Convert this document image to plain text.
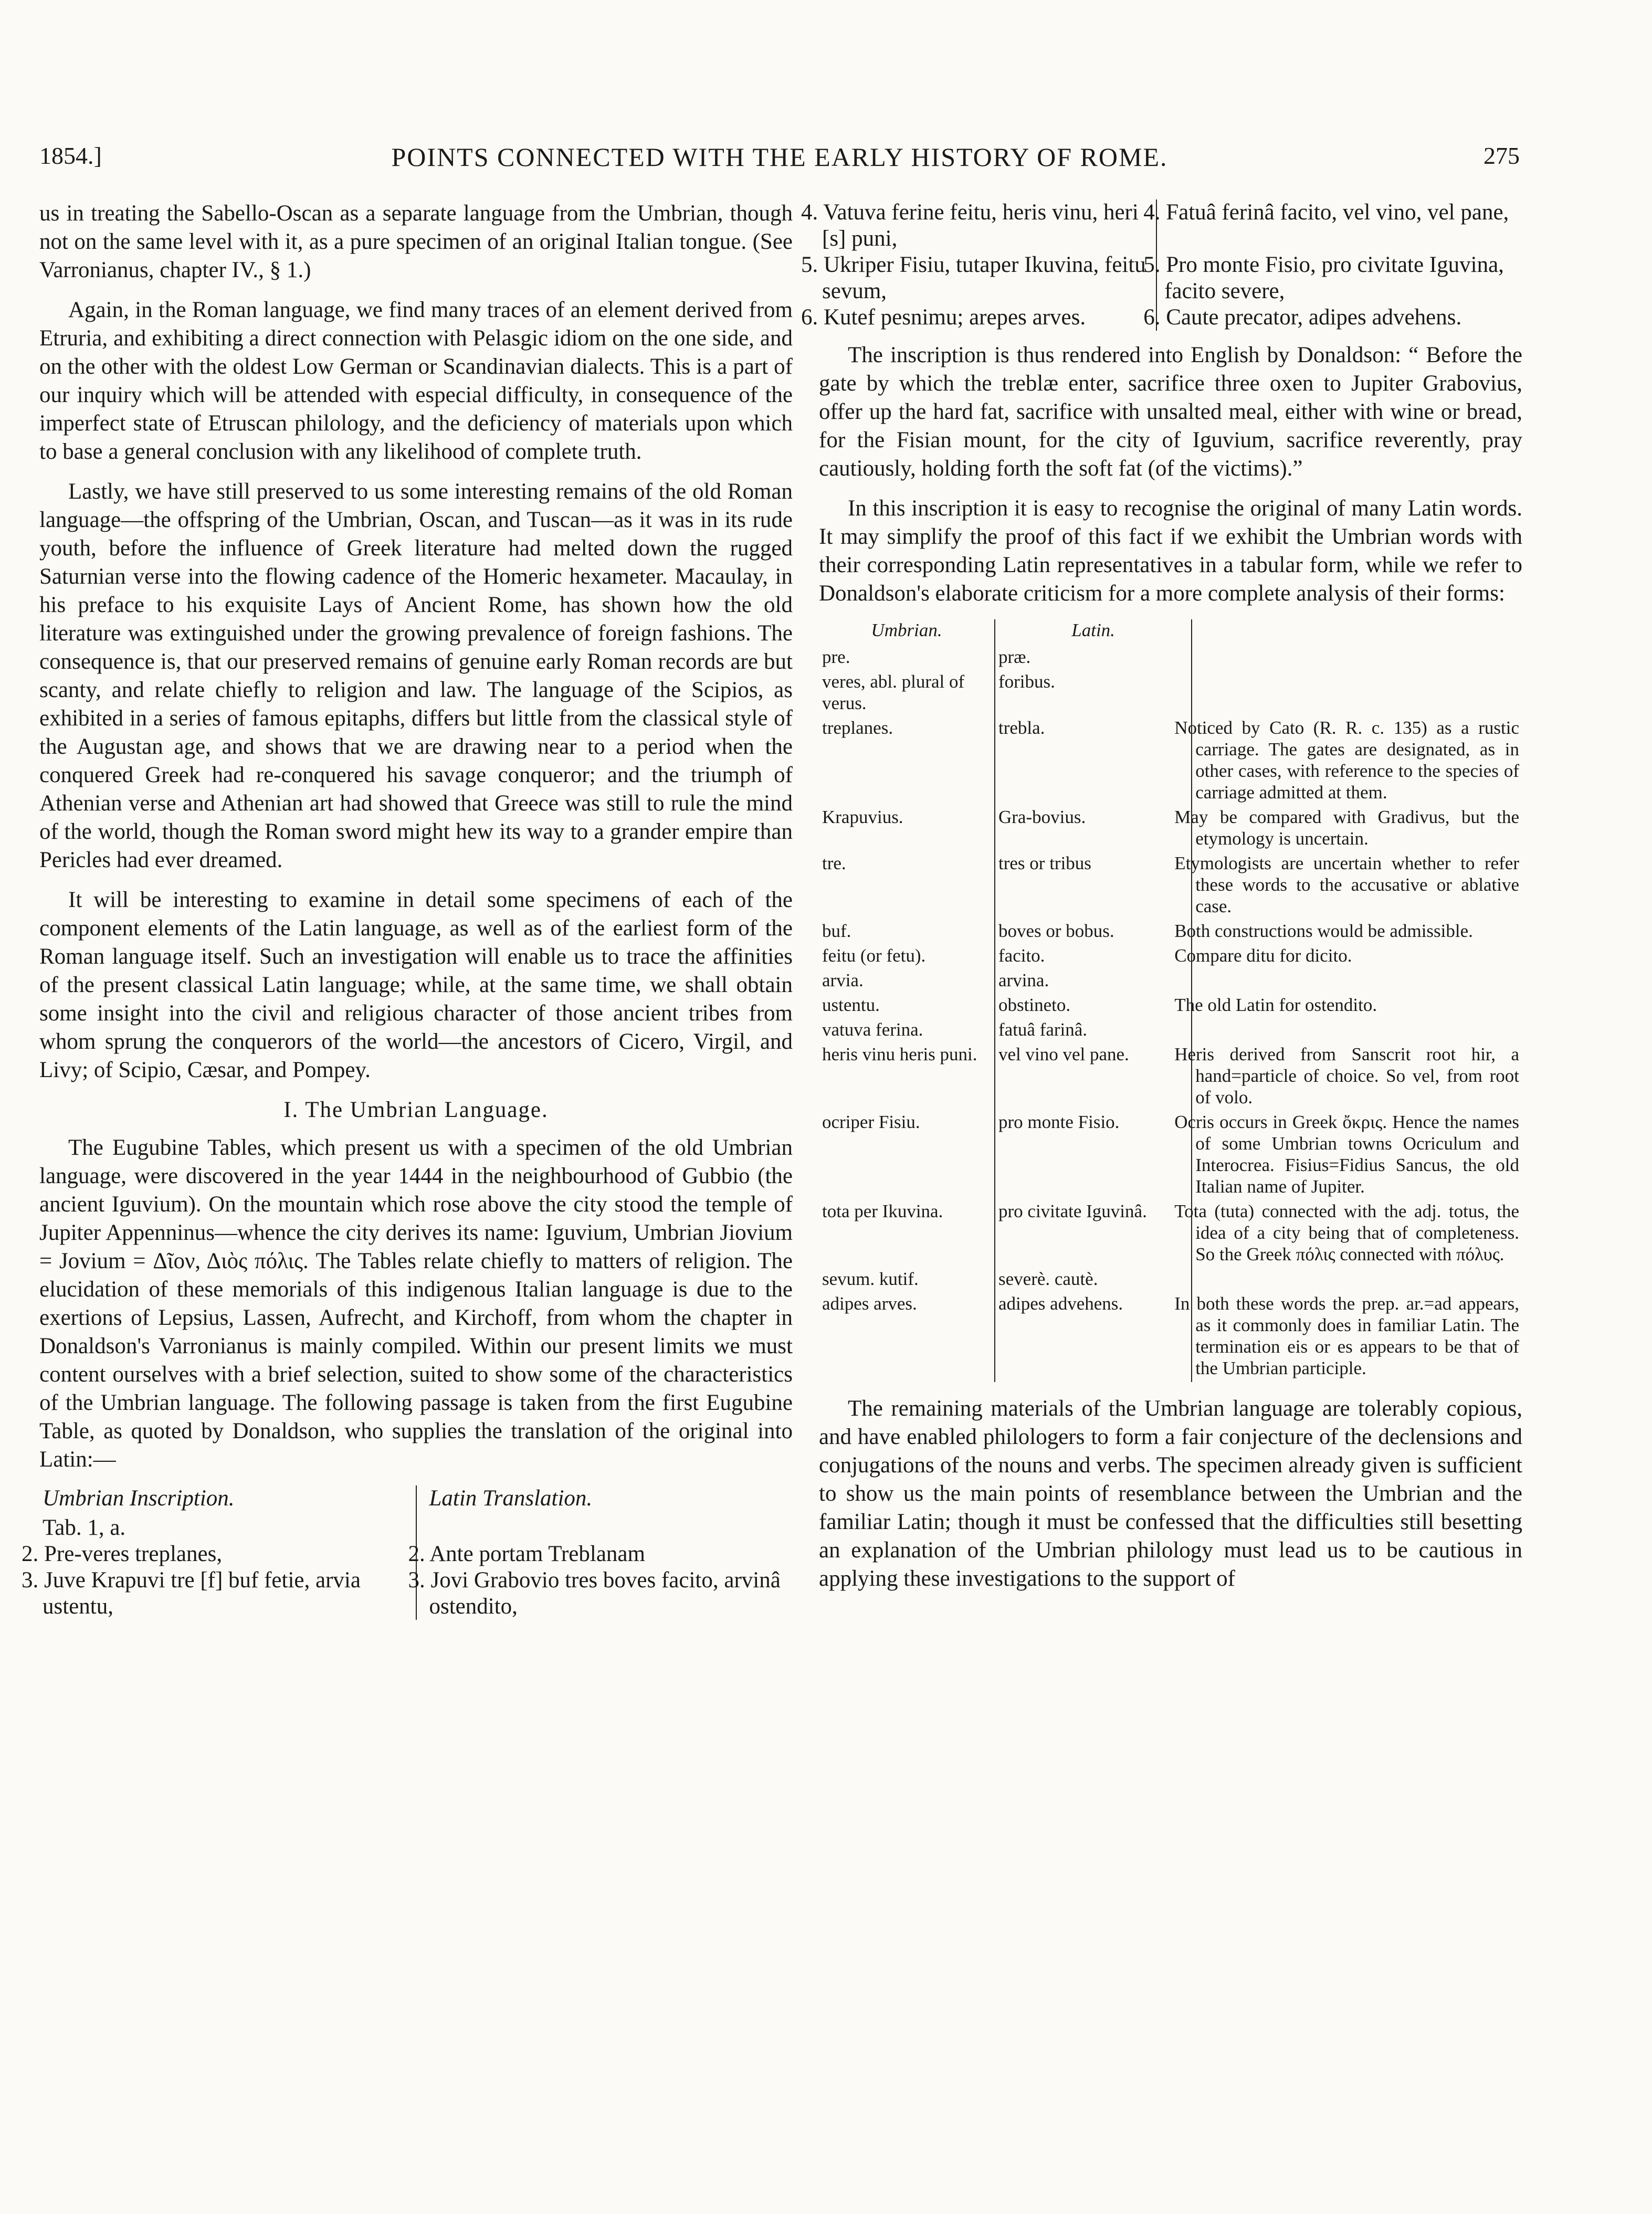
1854.]	POINTS CONNECTED WITH THE EARLY HISTORY OF ROME.	275

us in treating the Sabello-Oscan as a separate language from the Umbrian, though not on the same level with it, as a pure specimen of an original Italian tongue. (See Varronianus, chapter IV., § 1.)

Again, in the Roman language, we find many traces of an element derived from Etruria, and exhibiting a direct connection with Pelasgic idiom on the one side, and on the other with the oldest Low German or Scandinavian dialects. This is a part of our inquiry which will be attended with especial difficulty, in consequence of the imperfect state of Etruscan philology, and the deficiency of materials upon which to base a general conclusion with any likelihood of complete truth.

Lastly, we have still preserved to us some interesting remains of the old Roman language—the offspring of the Umbrian, Oscan, and Tuscan—as it was in its rude youth, before the influence of Greek literature had melted down the rugged Saturnian verse into the flowing cadence of the Homeric hexameter. Macaulay, in his preface to his exquisite Lays of Ancient Rome, has shown how the old literature was extinguished under the growing prevalence of foreign fashions. The consequence is, that our preserved remains of genuine early Roman records are but scanty, and relate chiefly to religion and law. The language of the Scipios, as exhibited in a series of famous epitaphs, differs but little from the classical style of the Augustan age, and shows that we are drawing near to a period when the conquered Greek had re-conquered his savage conqueror; and the triumph of Athenian verse and Athenian art had showed that Greece was still to rule the mind of the world, though the Roman sword might hew its way to a grander empire than Pericles had ever dreamed.

It will be interesting to examine in detail some specimens of each of the component elements of the Latin language, as well as of the earliest form of the Roman language itself. Such an investigation will enable us to trace the affinities of the present classical Latin language; while, at the same time, we shall obtain some insight into the civil and religious character of those ancient tribes from whom sprung the conquerors of the world—the ancestors of Cicero, Virgil, and Livy; of Scipio, Cæsar, and Pompey.

I. The Umbrian Language.

The Eugubine Tables, which present us with a specimen of the old Umbrian language, were discovered in the year 1444 in the neighbourhood of Gubbio (the ancient Iguvium). On the mountain which rose above the city stood the temple of Jupiter Appenninus—whence the city derives its name: Iguvium, Umbrian Jiovium = Jovium = Δῖον, Διὸς πόλις. The Tables relate chiefly to matters of religion. The elucidation of these memorials of this indigenous Italian language is due to the exertions of Lepsius, Lassen, Aufrecht, and Kirchoff, from whom the chapter in Donaldson's Varronianus is mainly compiled. Within our present limits we must content ourselves with a brief selection, suited to show some of the characteristics of the Umbrian language. The following passage is taken from the first Eugubine Table, as quoted by Donaldson, who supplies the translation of the original into Latin:—

Umbrian Inscription.	Latin Translation.
Tab. 1, a.	
2. Pre-veres treplanes,	2. Ante portam Treblanam
3. Juve Krapuvi tre [f] buf fetie, arvia ustentu,	3. Jovi Grabovio tres boves facito, arvinâ ostendito,
4. Vatuva ferine feitu, heris vinu, heri [s] puni,	4. Fatuâ ferinâ facito, vel vino, vel pane,
5. Ukriper Fisiu, tutaper Ikuvina, feitu sevum,	5. Pro monte Fisio, pro civitate Iguvina, facito severe,
6. Kutef pesnimu; arepes arves.	6. Caute precator, adipes advehens.

The inscription is thus rendered into English by Donaldson: “ Before the gate by which the treblæ enter, sacrifice three oxen to Jupiter Grabovius, offer up the hard fat, sacrifice with unsalted meal, either with wine or bread, for the Fisian mount, for the city of Iguvium, sacrifice reverently, pray cautiously, holding forth the soft fat (of the victims).”

In this inscription it is easy to recognise the original of many Latin words. It may simplify the proof of this fact if we exhibit the Umbrian words with their corresponding Latin representatives in a tabular form, while we refer to Donaldson's elaborate criticism for a more complete analysis of their forms:

Umbrian.	Latin.	
pre.	præ.	
veres, abl. plural of verus.	foribus.	
treplanes.	trebla.	Noticed by Cato (R. R. c. 135) as a rustic carriage. The gates are designated, as in other cases, with reference to the species of carriage admitted at them.
Krapuvius.	Gra-bovius.	May be compared with Gradivus, but the etymology is uncertain.
tre.	tres or tribus	Etymologists are uncertain whether to refer these words to the accusative or ablative case.
buf.	boves or bobus.	Both constructions would be admissible.
feitu (or fetu).	facito.	Compare ditu for dicito.
arvia.	arvina.	
ustentu.	obstineto.	The old Latin for ostendito.
vatuva ferina.	fatuâ farinâ.	
heris vinu heris puni.	vel vino vel pane.	Heris derived from Sanscrit root hir, a hand=particle of choice. So vel, from root of volo.
ocriper Fisiu.	pro monte Fisio.	Ocris occurs in Greek ὄκρις. Hence the names of some Umbrian towns Ocriculum and Interocrea. Fisius=Fidius Sancus, the old Italian name of Jupiter.
tota per Ikuvina.	pro civitate Iguvinâ.	Tota (tuta) connected with the adj. totus, the idea of a city being that of completeness. So the Greek πόλις connected with πόλυς.
sevum. kutif.	severè. cautè.	
adipes arves.	adipes advehens.	In both these words the prep. ar.=ad appears, as it commonly does in familiar Latin. The termination eis or es appears to be that of the Umbrian participle.

The remaining materials of the Umbrian language are tolerably copious, and have enabled philologers to form a fair conjecture of the declensions and conjugations of the nouns and verbs. The specimen already given is sufficient to show us the main points of resemblance between the Umbrian and the familiar Latin; though it must be confessed that the difficulties still besetting an explanation of the Umbrian philology must lead us to be cautious in applying these investigations to the support of
